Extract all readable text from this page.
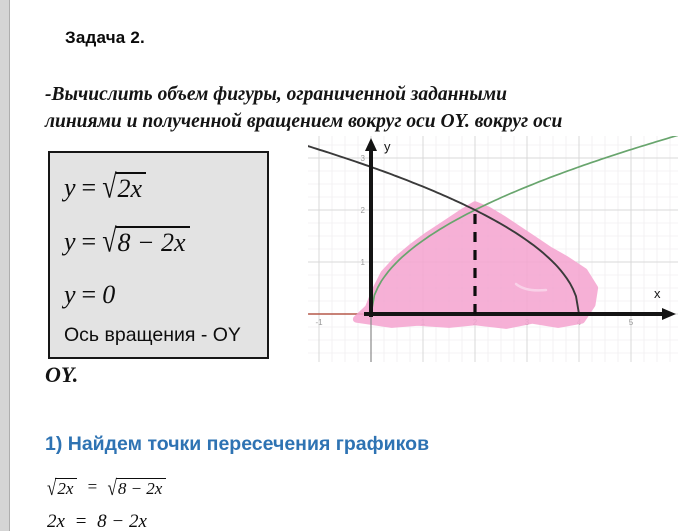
Задача 2.
-Вычислить объем фигуры, ограниченной заданными
линиями и полученной вращением вокруг оси OY. вокруг оси
y = √ 2x
y = √ 8 − 2x
y = 0
Ось вращения - OY
-1	5
1
2
3
x
y
OY.
1) Найдем точки пересечения графиков
√ 2x = √ 8 − 2x
2x = 8 − 2x
